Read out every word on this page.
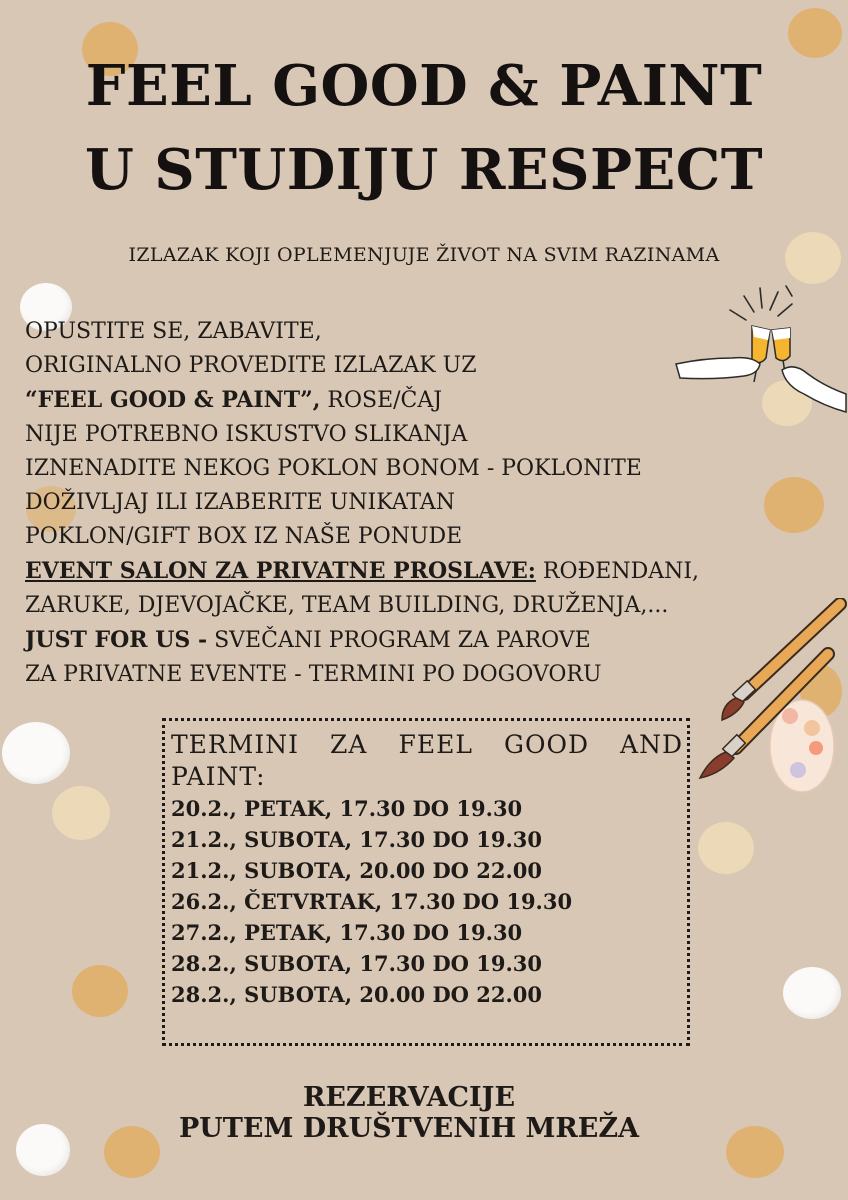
FEEL GOOD & PAINT
U STUDIJU RESPECT
IZLAZAK KOJI OPLEMENJUJE ŽIVOT NA SVIM RAZINAMA
OPUSTITE SE, ZABAVITE,
ORIGINALNO PROVEDITE IZLAZAK UZ
“FEEL GOOD & PAINT”, ROSE/ČAJ
NIJE POTREBNO ISKUSTVO SLIKANJA
IZNENADITE NEKOG POKLON BONOM - POKLONITE
DOŽIVLJAJ ILI IZABERITE UNIKATAN
POKLON/GIFT BOX IZ NAŠE PONUDE
EVENT SALON ZA PRIVATNE PROSLAVE: ROĐENDANI,
ZARUKE, DJEVOJAČKE, TEAM BUILDING, DRUŽENJA,...
JUST FOR US - SVEČANI PROGRAM ZA PAROVE
ZA PRIVATNE EVENTE - TERMINI PO DOGOVORU
TERMINI ZA FEEL GOOD AND PAINT:
20.2., PETAK, 17.30 DO 19.30
21.2., SUBOTA, 17.30 DO 19.30
21.2., SUBOTA, 20.00 DO 22.00
26.2., ČETVRTAK, 17.30 DO 19.30
27.2., PETAK, 17.30 DO 19.30
28.2., SUBOTA, 17.30 DO 19.30
28.2., SUBOTA, 20.00 DO 22.00
REZERVACIJE
PUTEM DRUŠTVENIH MREŽA
